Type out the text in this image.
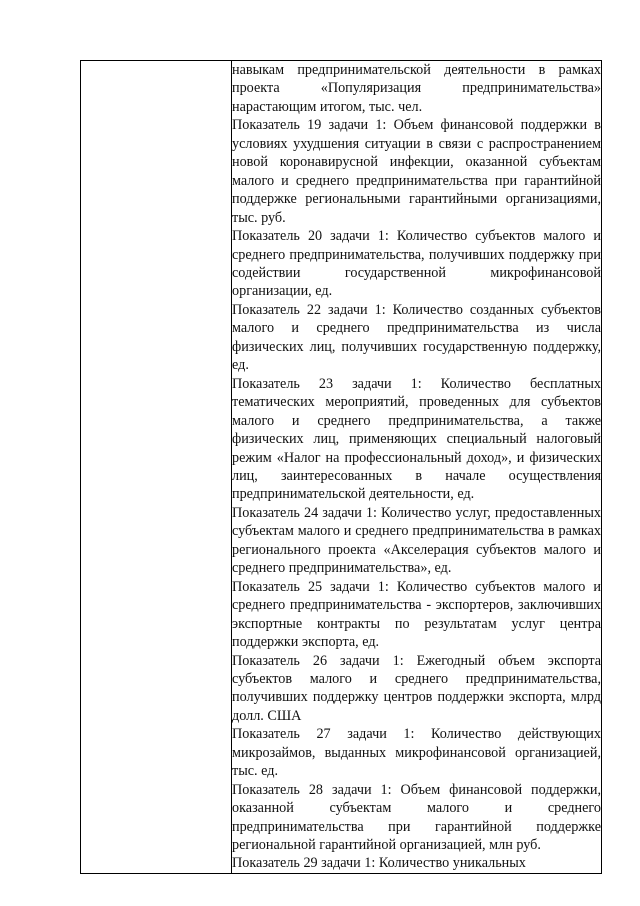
навыкам предпринимательской деятельности в рамках проекта «Популяризация предпринимательства» нарастающим итогом, тыс. чел.

Показатель 19 задачи 1: Объем финансовой поддержки в условиях ухудшения ситуации в связи с распространением новой коронавирусной инфекции, оказанной субъектам малого и среднего предпринимательства при гарантийной поддержке региональными гарантийными организациями, тыс. руб.

Показатель 20 задачи 1: Количество субъектов малого и среднего предпринимательства, получивших поддержку при содействии государственной микрофинансовой организации, ед.

Показатель 22 задачи 1: Количество созданных субъектов малого и среднего предпринимательства из числа физических лиц, получивших государственную поддержку, ед.

Показатель 23 задачи 1: Количество бесплатных тематических мероприятий, проведенных для субъектов малого и среднего предпринимательства, а также физических лиц, применяющих специальный налоговый режим «Налог на профессиональный доход», и физических лиц, заинтересованных в начале осуществления предпринимательской деятельности, ед.

Показатель 24 задачи 1: Количество услуг, предоставленных субъектам малого и среднего предпринимательства в рамках регионального проекта «Акселерация субъектов малого и среднего предпринимательства», ед.

Показатель 25 задачи 1: Количество субъектов малого и среднего предпринимательства - экспортеров, заключивших экспортные контракты по результатам услуг центра поддержки экспорта, ед.

Показатель 26 задачи 1: Ежегодный объем экспорта субъектов малого и среднего предпринимательства, получивших поддержку центров поддержки экспорта, млрд долл. США

Показатель 27 задачи 1: Количество действующих микрозаймов, выданных микрофинансовой организацией, тыс. ед.

Показатель 28 задачи 1: Объем финансовой поддержки, оказанной субъектам малого и среднего предпринимательства при гарантийной поддержке региональной гарантийной организацией, млн руб.

Показатель 29 задачи 1: Количество уникальных
